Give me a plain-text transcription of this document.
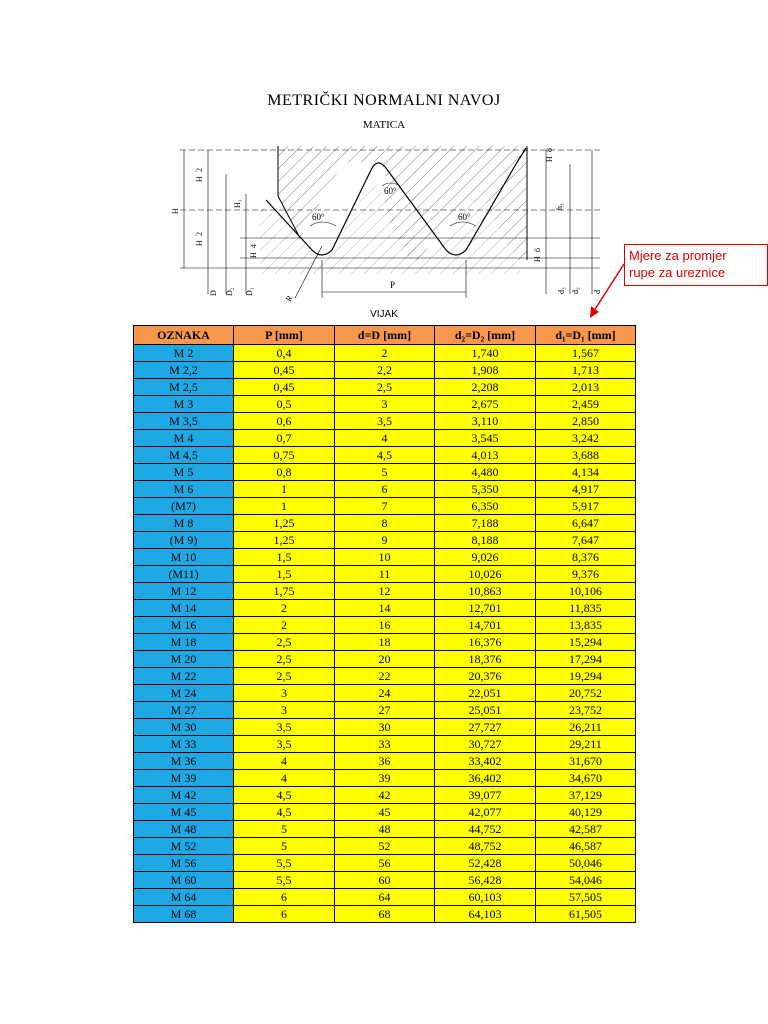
METRIČKI NORMALNI NAVOJ
MATICA
60°
60°	60°
H
H
2
H
2
H₁
H
4
D D₂ D₁
R
P
H
8
h₃
H
6
d₃ d₂ d
VIJAK
Mjere za promjer
rupe za ureznice
OZNAKA	P [mm]	d=D [mm]	d₂=D₂ [mm]	d₁=D₁ [mm]
M 2	0,4	2	1,740	1,567
M 2,2	0,45	2,2	1,908	1,713
M 2,5	0,45	2,5	2,208	2,013
M 3	0,5	3	2,675	2,459
M 3,5	0,6	3,5	3,110	2,850
M 4	0,7	4	3,545	3,242
M 4,5	0,75	4,5	4,013	3,688
M 5	0,8	5	4,480	4,134
M 6	1	6	5,350	4,917
(M7)	1	7	6,350	5,917
M 8	1,25	8	7,188	6,647
(M 9)	1,25	9	8,188	7,647
M 10	1,5	10	9,026	8,376
(M11)	1,5	11	10,026	9,376
M 12	1,75	12	10,863	10,106
M 14	2	14	12,701	11,835
M 16	2	16	14,701	13,835
M 18	2,5	18	16,376	15,294
M 20	2,5	20	18,376	17,294
M 22	2,5	22	20,376	19,294
M 24	3	24	22,051	20,752
M 27	3	27	25,051	23,752
M 30	3,5	30	27,727	26,211
M 33	3,5	33	30,727	29,211
M 36	4	36	33,402	31,670
M 39	4	39	36,402	34,670
M 42	4,5	42	39,077	37,129
M 45	4,5	45	42,077	40,129
M 48	5	48	44,752	42,587
M 52	5	52	48,752	46,587
M 56	5,5	56	52,428	50,046
M 60	5,5	60	56,428	54,046
M 64	6	64	60,103	57,505
M 68	6	68	64,103	61,505
